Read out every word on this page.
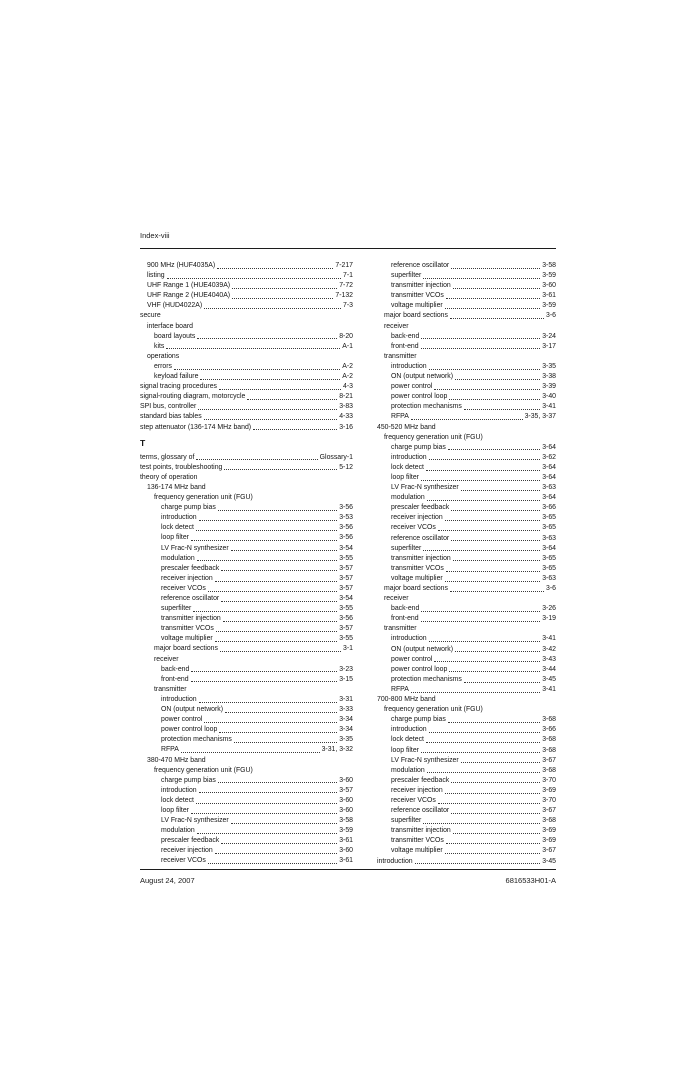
Index-viii
900 MHz (HUF4035A)	7-217
listing	7-1
UHF Range 1 (HUE4039A)	7-72
UHF Range 2 (HUE4040A)	7-132
VHF (HUD4022A)	7-3
secure
interface board
board layouts	8-20
kits	A-1
operations
errors	A-2
keyload failure	A-2
signal tracing procedures	4-3
signal-routing diagram, motorcycle	8-21
SPI bus, controller	3-83
standard bias tables	4-33
step attenuator (136-174 MHz band)	3-16
T
terms, glossary of	Glossary-1
test points, troubleshooting	5-12
theory of operation
136-174 MHz band
frequency generation unit (FGU)
charge pump bias	3-56
introduction	3-53
lock detect	3-56
loop filter	3-56
LV Frac-N synthesizer	3-54
modulation	3-55
prescaler feedback	3-57
receiver injection	3-57
receiver VCOs	3-57
reference oscillator	3-54
superfilter	3-55
transmitter injection	3-56
transmitter VCOs	3-57
voltage multiplier	3-55
major board sections	3-1
receiver
back-end	3-23
front-end	3-15
transmitter
introduction	3-31
ON (output network)	3-33
power control	3-34
power control loop	3-34
protection mechanisms	3-35
RFPA	3-31, 3-32
380-470 MHz band
frequency generation unit (FGU)
charge pump bias	3-60
introduction	3-57
lock detect	3-60
loop filter	3-60
LV Frac-N synthesizer	3-58
modulation	3-59
prescaler feedback	3-61
receiver injection	3-60
receiver VCOs	3-61
reference oscillator	3-58
superfilter	3-59
transmitter injection	3-60
transmitter VCOs	3-61
voltage multiplier	3-59
major board sections	3-6
receiver
back-end	3-24
front-end	3-17
transmitter
introduction	3-35
ON (output network)	3-38
power control	3-39
power control loop	3-40
protection mechanisms	3-41
RFPA	3-35, 3-37
450-520 MHz band
frequency generation unit (FGU)
charge pump bias	3-64
introduction	3-62
lock detect	3-64
loop filter	3-64
LV Frac-N synthesizer	3-63
modulation	3-64
prescaler feedback	3-66
receiver injection	3-65
receiver VCOs	3-65
reference oscillator	3-63
superfilter	3-64
transmitter injection	3-65
transmitter VCOs	3-65
voltage multiplier	3-63
major board sections	3-6
receiver
back-end	3-26
front-end	3-19
transmitter
introduction	3-41
ON (output network)	3-42
power control	3-43
power control loop	3-44
protection mechanisms	3-45
RFPA	3-41
700-800 MHz band
frequency generation unit (FGU)
charge pump bias	3-68
introduction	3-66
lock detect	3-68
loop filter	3-68
LV Frac-N synthesizer	3-67
modulation	3-68
prescaler feedback	3-70
receiver injection	3-69
receiver VCOs	3-70
reference oscillator	3-67
superfilter	3-68
transmitter injection	3-69
transmitter VCOs	3-69
voltage multiplier	3-67
introduction	3-45
August 24, 2007	6816533H01-A
